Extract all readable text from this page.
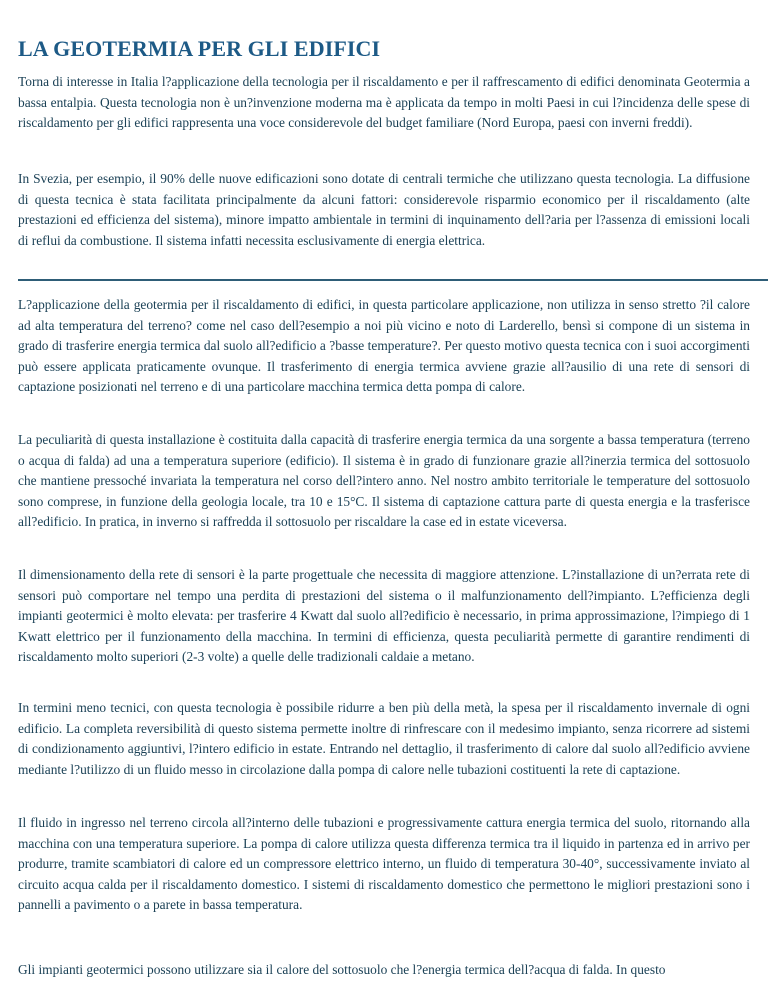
LA GEOTERMIA PER GLI EDIFICI

Torna di interesse in Italia l?applicazione della tecnologia per il riscaldamento e per il raffrescamento di edifici denominata Geotermia a bassa entalpia. Questa tecnologia non è un?invenzione moderna ma è applicata da tempo in molti Paesi in cui l?incidenza delle spese di riscaldamento per gli edifici rappresenta una voce considerevole del budget familiare (Nord Europa, paesi con inverni freddi).

In Svezia, per esempio, il 90% delle nuove edificazioni sono dotate di centrali termiche che utilizzano questa tecnologia. La diffusione di questa tecnica è stata facilitata principalmente da alcuni fattori: considerevole risparmio economico per il riscaldamento (alte prestazioni ed efficienza del sistema), minore impatto ambientale in termini di inquinamento dell?aria per l?assenza di emissioni locali di reflui da combustione. Il sistema infatti necessita esclusivamente di energia elettrica.

L?applicazione della geotermia per il riscaldamento di edifici, in questa particolare applicazione, non utilizza in senso stretto ?il calore ad alta temperatura del terreno? come nel caso dell?esempio a noi più vicino e noto di Larderello, bensì si compone di un sistema in grado di trasferire energia termica dal suolo all?edificio a ?basse temperature?. Per questo motivo questa tecnica con i suoi accorgimenti può essere applicata praticamente ovunque. Il trasferimento di energia termica avviene grazie all?ausilio di una rete di sensori di captazione posizionati nel terreno e di una particolare macchina termica detta pompa di calore.

La peculiarità di questa installazione è costituita dalla capacità di trasferire energia termica da una sorgente a bassa temperatura (terreno o acqua di falda) ad una a temperatura superiore (edificio). Il sistema è in grado di funzionare grazie all?inerzia termica del sottosuolo che mantiene pressoché invariata la temperatura nel corso dell?intero anno. Nel nostro ambito territoriale le temperature del sottosuolo sono comprese, in funzione della geologia locale, tra 10 e 15°C. Il sistema di captazione cattura parte di questa energia e la trasferisce all?edificio. In pratica, in inverno si raffredda il sottosuolo per riscaldare la case ed in estate viceversa.

Il dimensionamento della rete di sensori è la parte progettuale che necessita di maggiore attenzione. L?installazione di un?errata rete di sensori può comportare nel tempo una perdita di prestazioni del sistema o il malfunzionamento dell?impianto. L?efficienza degli impianti geotermici è molto elevata: per trasferire 4 Kwatt dal suolo all?edificio è necessario, in prima approssimazione, l?impiego di 1 Kwatt elettrico per il funzionamento della macchina. In termini di efficienza, questa peculiarità permette di garantire rendimenti di riscaldamento molto superiori (2-3 volte) a quelle delle tradizionali caldaie a metano.

In termini meno tecnici, con questa tecnologia è possibile ridurre a ben più della metà, la spesa per il riscaldamento invernale di ogni edificio. La completa reversibilità di questo sistema permette inoltre di rinfrescare con il medesimo impianto, senza ricorrere ad sistemi di condizionamento aggiuntivi, l?intero edificio in estate. Entrando nel dettaglio, il trasferimento di calore dal suolo all?edificio avviene mediante l?utilizzo di un fluido messo in circolazione dalla pompa di calore nelle tubazioni costituenti la rete di captazione.

Il fluido in ingresso nel terreno circola all?interno delle tubazioni e progressivamente cattura energia termica del suolo, ritornando alla macchina con una temperatura superiore. La pompa di calore utilizza questa differenza termica tra il liquido in partenza ed in arrivo per produrre, tramite scambiatori di calore ed un compressore elettrico interno, un fluido di temperatura 30-40°, successivamente inviato al circuito acqua calda per il riscaldamento domestico. I sistemi di riscaldamento domestico che permettono le migliori prestazioni sono i pannelli a pavimento o a parete in bassa temperatura.

Gli impianti geotermici possono utilizzare sia il calore del sottosuolo che l?energia termica dell?acqua di falda. In questo
